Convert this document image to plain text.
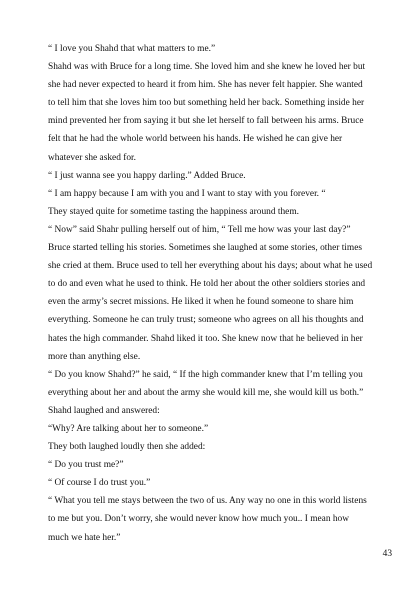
“ I love you Shahd that what matters to me.”
Shahd was with Bruce for a long time. She loved him and she knew he loved her but
she had never expected to heard it from him. She has never felt happier. She wanted
to tell him that she loves him too but something held her back. Something inside her
mind prevented her from saying it but she let herself to fall between his arms. Bruce
felt that he had the whole world between his hands. He wished he can give her
whatever she asked for.
“ I just wanna see you happy darling.” Added Bruce.
“ I am happy because I am with you and I want to stay with you forever. “
They stayed quite for sometime tasting the happiness around them.
“ Now” said Shahr pulling herself out of him, “ Tell me how was your last day?”
Bruce started telling his stories. Sometimes she laughed at some stories, other times
she cried at them. Bruce used to tell her everything about his days; about what he used
to do and even what he used to think. He told her about the other soldiers stories and
even the army’s secret missions. He liked it when he found someone to share him
everything. Someone he can truly trust; someone who agrees on all his thoughts and
hates the high commander. Shahd liked it too. She knew now that he believed in her
more than anything else.
“ Do you know Shahd?” he said, “ If the high commander knew that I’m telling you
everything about her and about the army she would kill me, she would kill us both.”
Shahd laughed and answered:
“Why? Are talking about her to someone.”
They both laughed loudly then she added:
“ Do you trust me?”
“ Of course I do trust you.”
“ What you tell me stays between the two of us. Any way no one in this world listens
to me but you. Don’t worry, she would never know how much you.. I mean how
much we hate her.”
43
